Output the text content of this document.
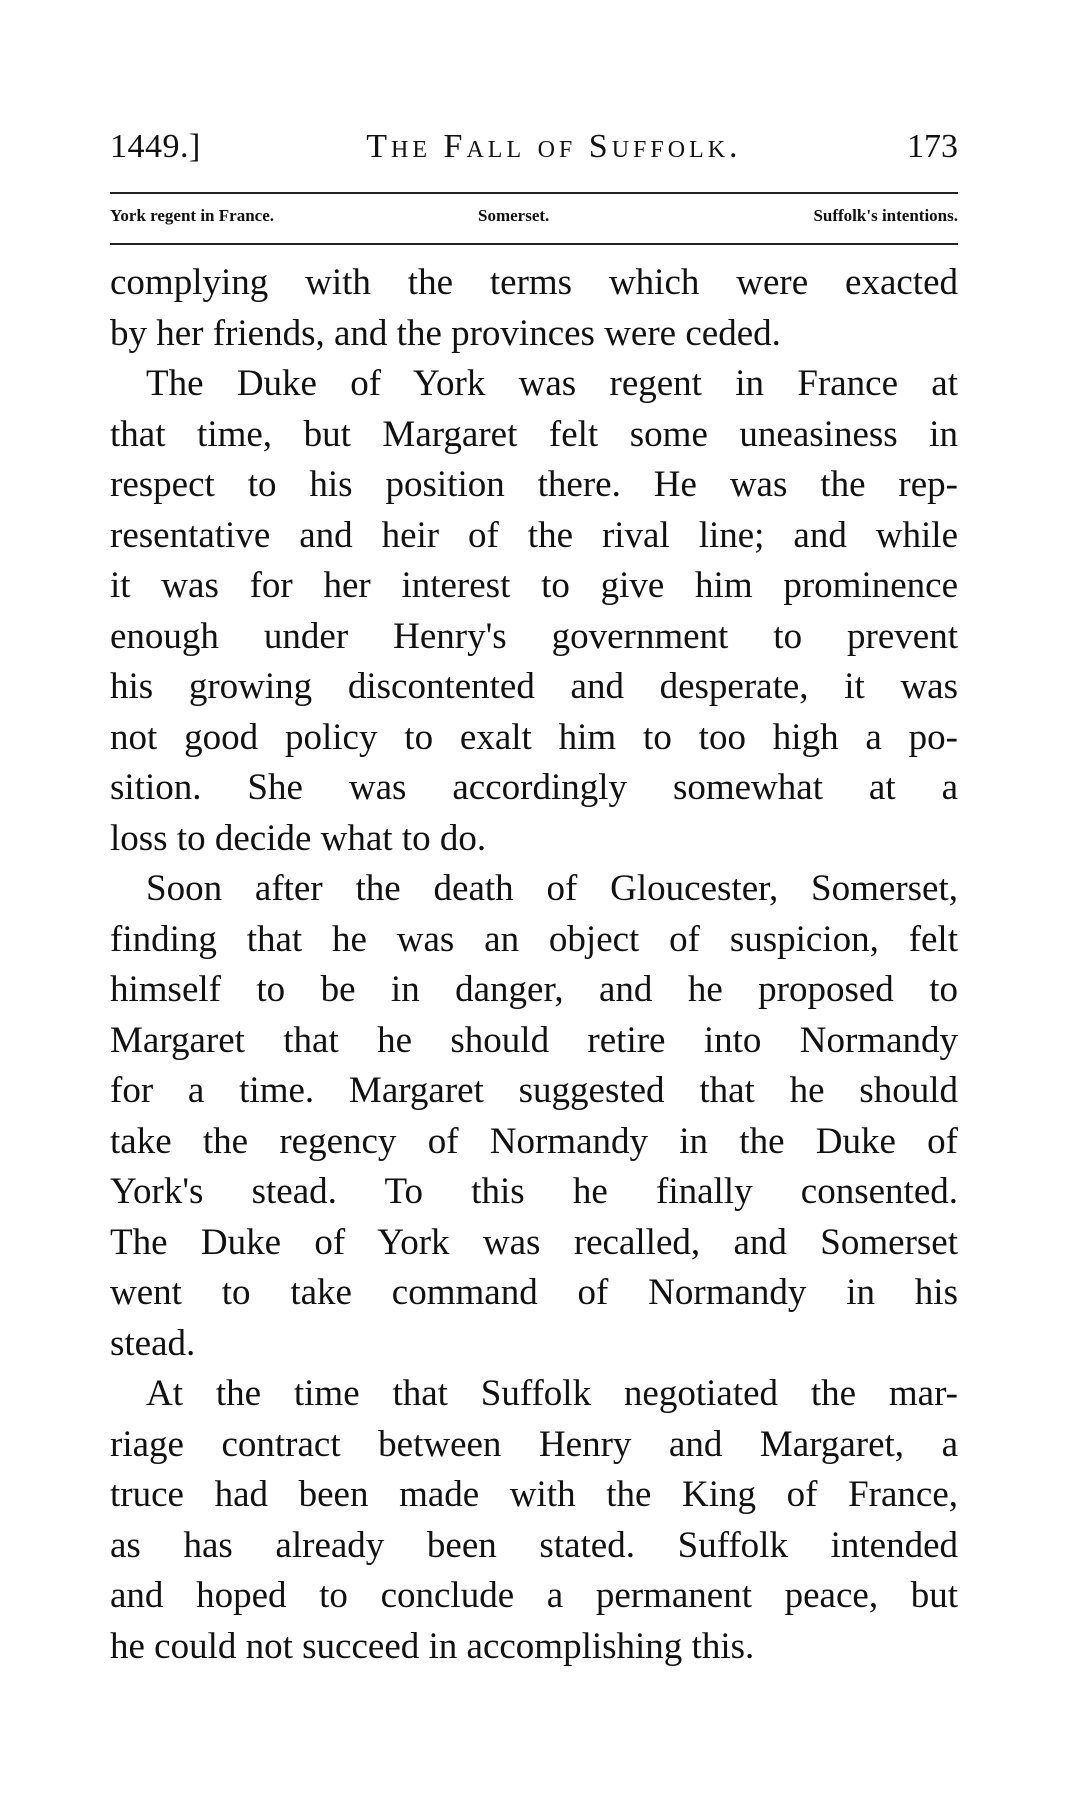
1449.]	The Fall of Suffolk.	173
York regent in France.	Somerset.	Suffolk's intentions.

complying with the terms which were exacted
by her friends, and the provinces were ceded.

The Duke of York was regent in France at
that time, but Margaret felt some uneasiness in
respect to his position there. He was the rep-
resentative and heir of the rival line; and while
it was for her interest to give him prominence
enough under Henry's government to prevent
his growing discontented and desperate, it was
not good policy to exalt him to too high a po-
sition. She was accordingly somewhat at a
loss to decide what to do.

Soon after the death of Gloucester, Somerset,
finding that he was an object of suspicion, felt
himself to be in danger, and he proposed to
Margaret that he should retire into Normandy
for a time. Margaret suggested that he should
take the regency of Normandy in the Duke of
York's stead. To this he finally consented.
The Duke of York was recalled, and Somerset
went to take command of Normandy in his
stead.

At the time that Suffolk negotiated the mar-
riage contract between Henry and Margaret, a
truce had been made with the King of France,
as has already been stated. Suffolk intended
and hoped to conclude a permanent peace, but
he could not succeed in accomplishing this.
